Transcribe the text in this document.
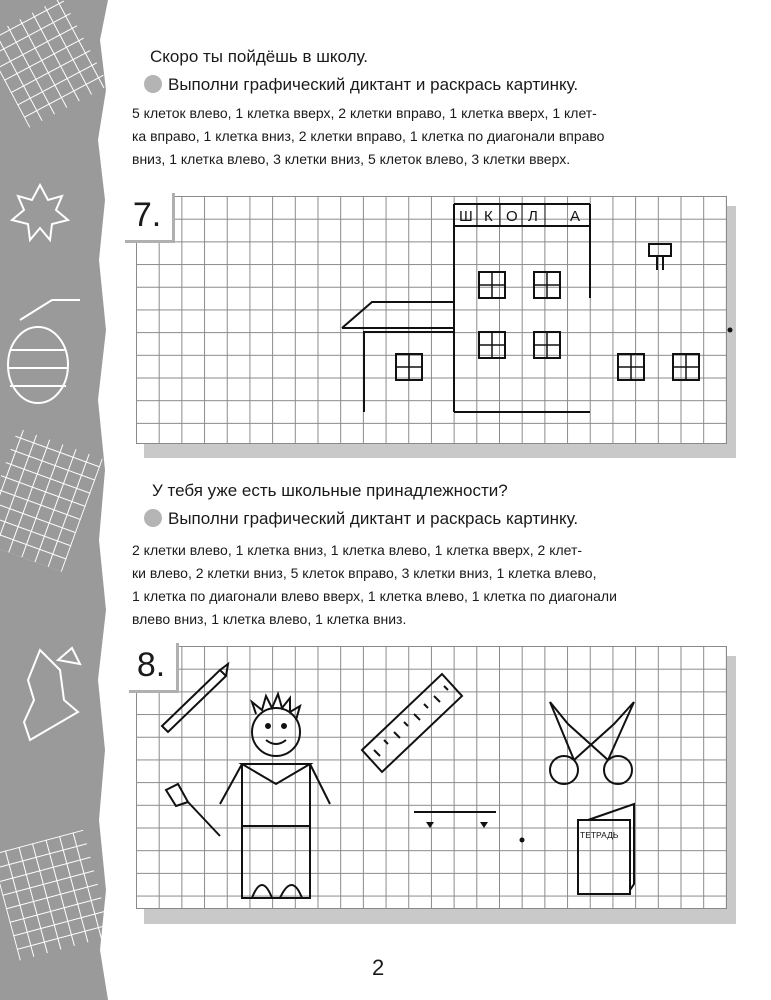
Скоро ты пойдёшь в школу.
Выполни графический диктант и раскрась картинку.
5 клеток влево, 1 клетка вверх, 2 клетки вправо, 1 клетка вверх, 1 клет-
ка вправо, 1 клетка вниз, 2 клетки вправо, 1 клетка по диагонали вправо
вниз, 1 клетка влево, 3 клетки вниз, 5 клеток влево, 3 клетки вверх.
Ш К О Л А
7.
У тебя уже есть школьные принадлежности?
Выполни графический диктант и раскрась картинку.
2 клетки влево, 1 клетка вниз, 1 клетка влево, 1 клетка вверх, 2 клет-
ки влево, 2 клетки вниз, 5 клеток вправо, 3 клетки вниз, 1 клетка влево,
1 клетка по диагонали влево вверх, 1 клетка влево, 1 клетка по диагонали
влево вниз, 1 клетка влево, 1 клетка вниз.
ТЕТРАДЬ
8.
2
